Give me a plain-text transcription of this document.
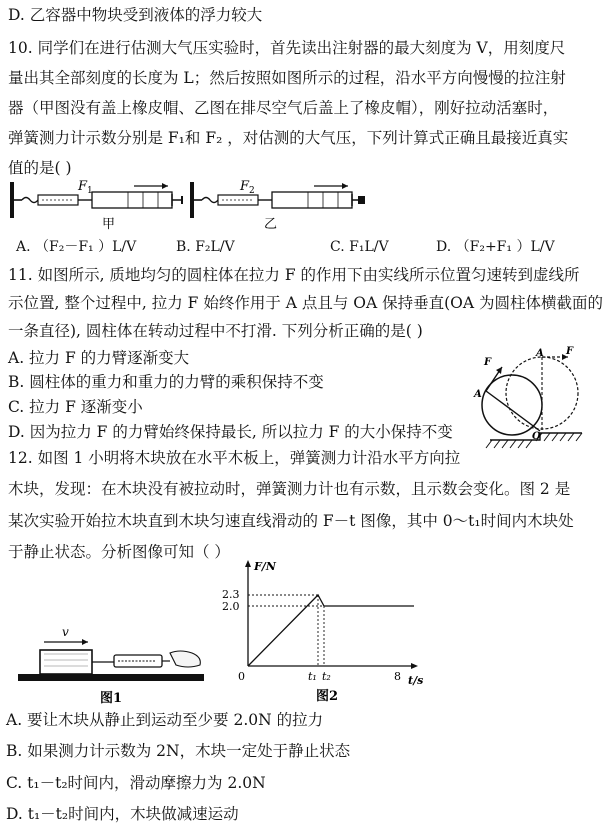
D. 乙容器中物块受到液体的浮力较大
10. 同学们在进行估测大气压实验时，首先读出注射器的最大刻度为 V，用刻度尺
量出其全部刻度的长度为 L；然后按照如图所示的过程，沿水平方向慢慢的拉注射
器（甲图没有盖上橡皮帽、乙图在排尽空气后盖上了橡皮帽），刚好拉动活塞时，
弹簧测力计示数分别是 F₁和 F₂ ，对估测的大气压，下列计算式正确且最接近真实
值的是( )
F 1	F 2
甲	乙
A. （F₂－F₁ ）L/V	B. F₂L/V	C. F₁L/V	D. （F₂+F₁ ）L/V
11. 如图所示, 质地均匀的圆柱体在拉力 F 的作用下由实线所示位置匀速转到虚线所
示位置, 整个过程中, 拉力 F 始终作用于 A 点且与 OA 保持垂直(OA 为圆柱体横截面的
一条直径), 圆柱体在转动过程中不打滑. 下列分析正确的是( )
A. 拉力 F 的力臂逐渐变大
B. 圆柱体的重力和重力的力臂的乘积保持不变
C. 拉力 F 逐渐变小
D. 因为拉力 F 的力臂始终保持最长, 所以拉力 F 的大小保持不变
F
F
A
A
O
12. 如图 1 小明将木块放在水平木板上，弹簧测力计沿水平方向拉
木块，发现：在木块没有被拉动时，弹簧测力计也有示数，且示数会变化。图 2 是
某次实验开始拉木块直到木块匀速直线滑动的 F－t 图像，其中 0～t₁时间内木块处
于静止状态。分析图像可知（ ）
v
图1
F/N
t/s
2.3
2.0
0	t₁ t₂	8
图2
A. 要让木块从静止到运动至少要 2.0N 的拉力
B. 如果测力计示数为 2N，木块一定处于静止状态
C. t₁－t₂时间内，滑动摩擦力为 2.0N
D. t₁－t₂时间内，木块做减速运动
